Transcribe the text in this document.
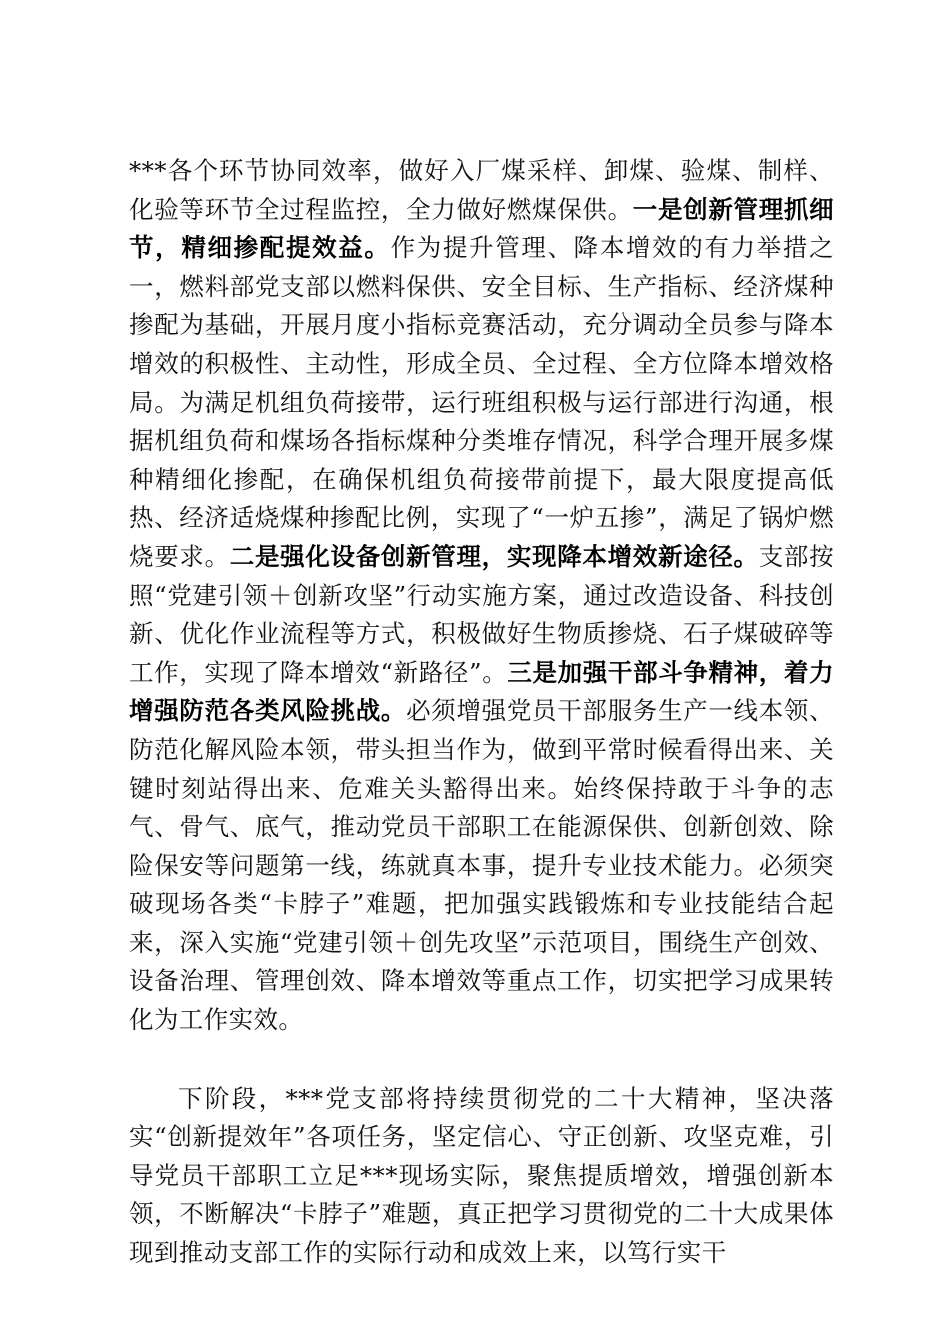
***各个环节协同效率，做好入厂煤采样、卸煤、验煤、制样、化验等环节全过程监控，全力做好燃煤保供。一是创新管理抓细节，精细掺配提效益。作为提升管理、降本增效的有力举措之一，燃料部党支部以燃料保供、安全目标、生产指标、经济煤种掺配为基础，开展月度小指标竞赛活动，充分调动全员参与降本增效的积极性、主动性，形成全员、全过程、全方位降本增效格局。为满足机组负荷接带，运行班组积极与运行部进行沟通，根据机组负荷和煤场各指标煤种分类堆存情况，科学合理开展多煤种精细化掺配，在确保机组负荷接带前提下，最大限度提高低热、经济适烧煤种掺配比例，实现了“一炉五掺”，满足了锅炉燃烧要求。二是强化设备创新管理，实现降本增效新途径。支部按照“党建引领＋创新攻坚”行动实施方案，通过改造设备、科技创新、优化作业流程等方式，积极做好生物质掺烧、石子煤破碎等工作，实现了降本增效“新路径”。三是加强干部斗争精神，着力增强防范各类风险挑战。必须增强党员干部服务生产一线本领、防范化解风险本领，带头担当作为，做到平常时候看得出来、关键时刻站得出来、危难关头豁得出来。始终保持敢于斗争的志气、骨气、底气，推动党员干部职工在能源保供、创新创效、除险保安等问题第一线，练就真本事，提升专业技术能力。必须突破现场各类“卡脖子”难题，把加强实践锻炼和专业技能结合起来，深入实施“党建引领＋创先攻坚”示范项目，围绕生产创效、设备治理、管理创效、降本增效等重点工作，切实把学习成果转化为工作实效。

下阶段，***党支部将持续贯彻党的二十大精神，坚决落实“创新提效年”各项任务，坚定信心、守正创新、攻坚克难，引导党员干部职工立足***现场实际，聚焦提质增效，增强创新本领，不断解决“卡脖子”难题，真正把学习贯彻党的二十大成果体现到推动支部工作的实际行动和成效上来，以笃行实干
